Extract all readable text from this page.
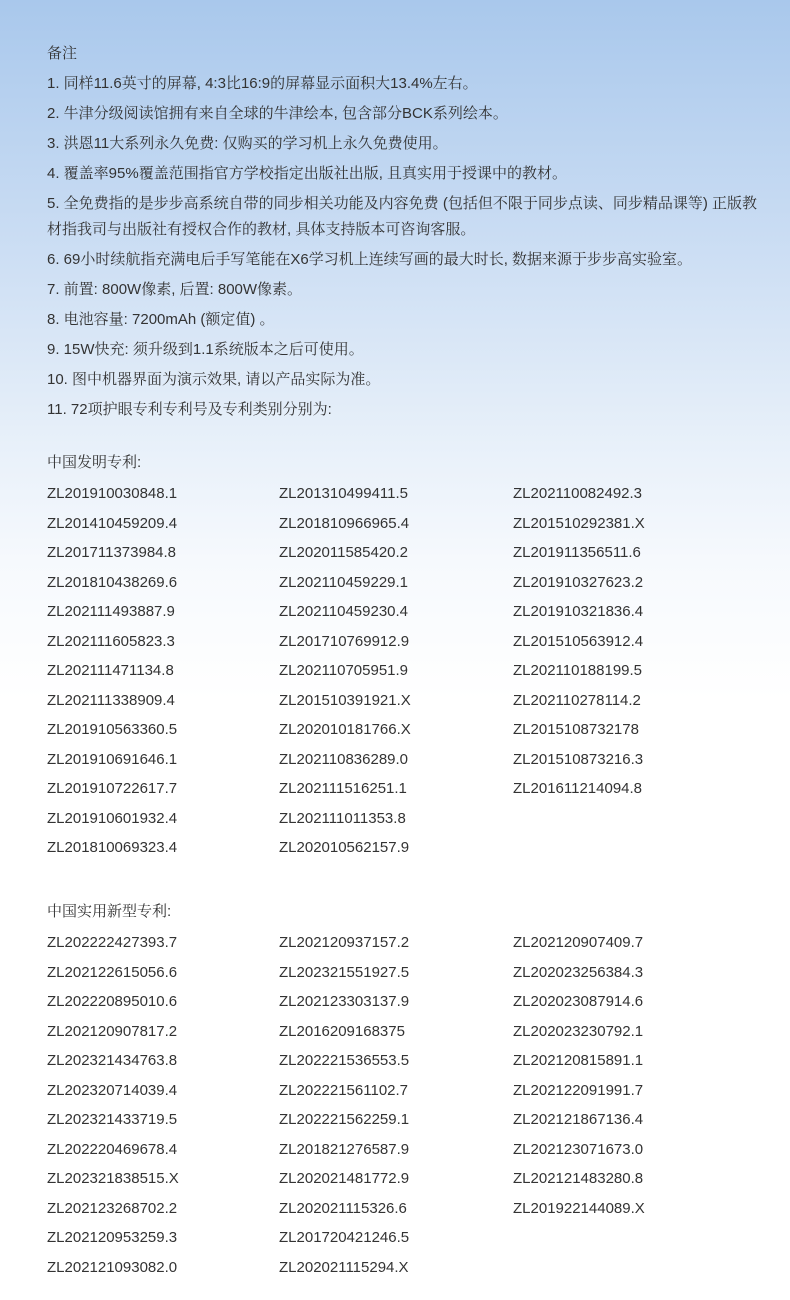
备注
1. 同样11.6英寸的屏幕, 4:3比16:9的屏幕显示面积大13.4%左右。
2. 牛津分级阅读馆拥有来自全球的牛津绘本, 包含部分BCK系列绘本。
3. 洪恩11大系列永久免费: 仅购买的学习机上永久免费使用。
4. 覆盖率95%覆盖范围指官方学校指定出版社出版, 且真实用于授课中的教材。
5. 全免费指的是步步高系统自带的同步相关功能及内容免费 (包括但不限于同步点读、同步精品课等) 正版教材指我司与出版社有授权合作的教材, 具体支持版本可咨询客服。
6. 69小时续航指充满电后手写笔能在X6学习机上连续写画的最大时长, 数据来源于步步高实验室。
7. 前置: 800W像素, 后置: 800W像素。
8. 电池容量: 7200mAh (额定值) 。
9. 15W快充: 须升级到1.1系统版本之后可使用。
10. 图中机器界面为演示效果, 请以产品实际为准。
11. 72项护眼专利专利号及专利类别分别为:
中国发明专利:
ZL201910030848.1	ZL201310499411.5	ZL202110082492.3
ZL201410459209.4	ZL201810966965.4	ZL201510292381.X
ZL201711373984.8	ZL202011585420.2	ZL201911356511.6
ZL201810438269.6	ZL202110459229.1	ZL201910327623.2
ZL202111493887.9	ZL202110459230.4	ZL201910321836.4
ZL202111605823.3	ZL201710769912.9	ZL201510563912.4
ZL202111471134.8	ZL202110705951.9	ZL202110188199.5
ZL202111338909.4	ZL201510391921.X	ZL202110278114.2
ZL201910563360.5	ZL202010181766.X	ZL2015108732178
ZL201910691646.1	ZL202110836289.0	ZL201510873216.3
ZL201910722617.7	ZL202111516251.1	ZL201611214094.8
ZL201910601932.4	ZL202111011353.8
ZL201810069323.4	ZL202010562157.9
中国实用新型专利:
ZL202222427393.7	ZL202120937157.2	ZL202120907409.7
ZL202122615056.6	ZL202321551927.5	ZL202023256384.3
ZL202220895010.6	ZL202123303137.9	ZL202023087914.6
ZL202120907817.2	ZL2016209168375	ZL202023230792.1
ZL202321434763.8	ZL202221536553.5	ZL202120815891.1
ZL202320714039.4	ZL202221561102.7	ZL202122091991.7
ZL202321433719.5	ZL202221562259.1	ZL202121867136.4
ZL202220469678.4	ZL201821276587.9	ZL202123071673.0
ZL202321838515.X	ZL202021481772.9	ZL202121483280.8
ZL202123268702.2	ZL202021115326.6	ZL201922144089.X
ZL202120953259.3	ZL201720421246.5
ZL202121093082.0	ZL202021115294.X
